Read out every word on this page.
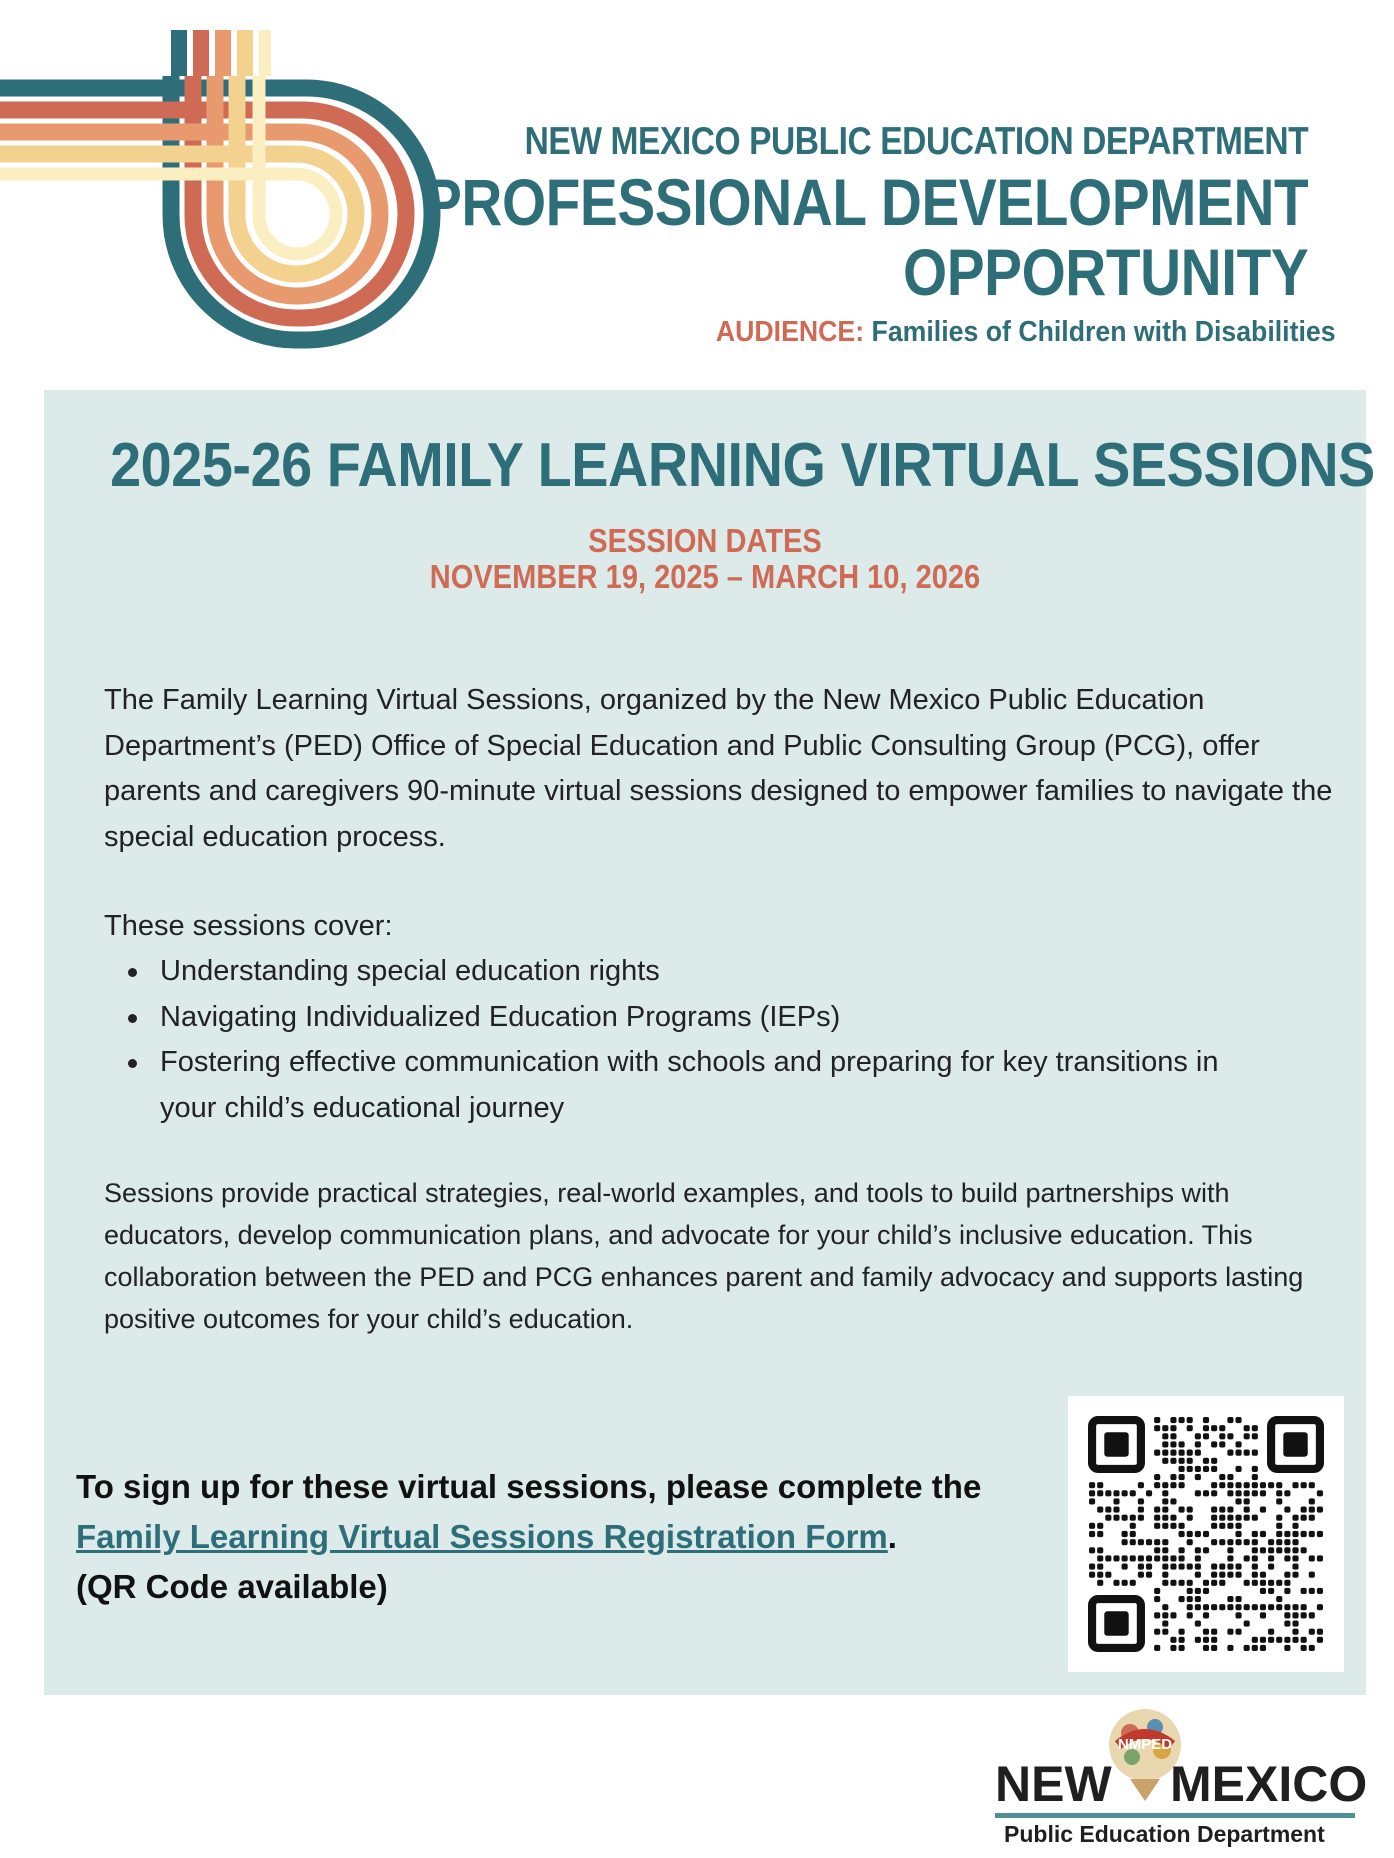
NEW MEXICO PUBLIC EDUCATION DEPARTMENT
PROFESSIONAL DEVELOPMENT
OPPORTUNITY
AUDIENCE: Families of Children with Disabilities
2025-26 FAMILY LEARNING VIRTUAL SESSIONS
SESSION DATES
NOVEMBER 19, 2025 – MARCH 10, 2026

The Family Learning Virtual Sessions, organized by the New Mexico Public Education Department’s (PED) Office of Special Education and Public Consulting Group (PCG), offer parents and caregivers 90-minute virtual sessions designed to empower families to navigate the special education process.

These sessions cover:

Understanding special education rights
Navigating Individualized Education Programs (IEPs)
Fostering effective communication with schools and preparing for key transitions in your child’s educational journey

Sessions provide practical strategies, real-world examples, and tools to build partnerships with educators, develop communication plans, and advocate for your child’s inclusive education. This collaboration between the PED and PCG enhances parent and family advocacy and supports lasting positive outcomes for your child’s education.

To sign up for these virtual sessions, please complete the
Family Learning Virtual Sessions Registration Form.
(QR Code available)
NMPED
NEW MEXICO
Public Education Department
